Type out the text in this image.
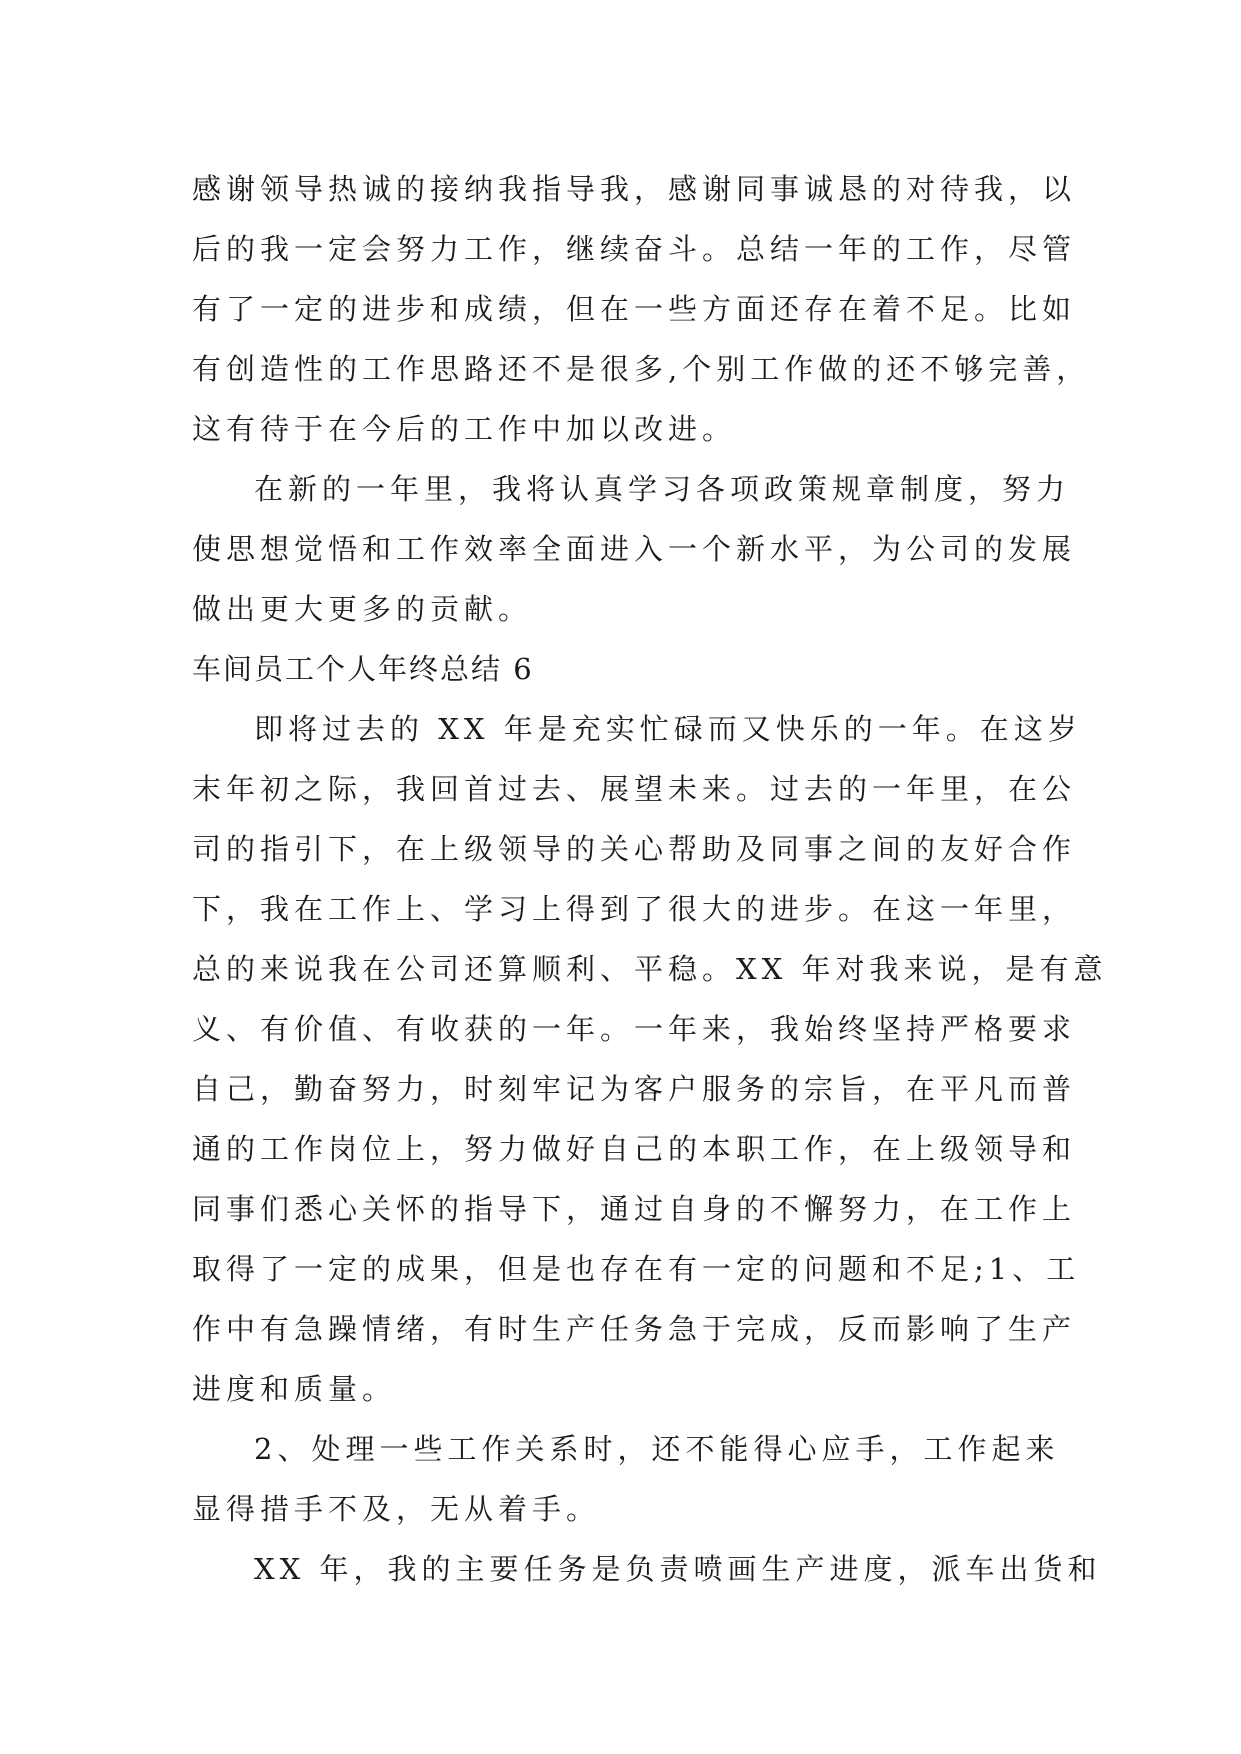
感谢领导热诚的接纳我指导我，感谢同事诚恳的对待我，以
后的我一定会努力工作，继续奋斗。总结一年的工作，尽管
有了一定的进步和成绩，但在一些方面还存在着不足。比如
有创造性的工作思路还不是很多,个别工作做的还不够完善，
这有待于在今后的工作中加以改进。
在新的一年里，我将认真学习各项政策规章制度，努力
使思想觉悟和工作效率全面进入一个新水平，为公司的发展
做出更大更多的贡献。
车间员工个人年终总结 6
即将过去的 XX 年是充实忙碌而又快乐的一年。在这岁
末年初之际，我回首过去、展望未来。过去的一年里，在公
司的指引下，在上级领导的关心帮助及同事之间的友好合作
下，我在工作上、学习上得到了很大的进步。在这一年里，
总的来说我在公司还算顺利、平稳。XX 年对我来说，是有意
义、有价值、有收获的一年。一年来，我始终坚持严格要求
自己，勤奋努力，时刻牢记为客户服务的宗旨，在平凡而普
通的工作岗位上，努力做好自己的本职工作，在上级领导和
同事们悉心关怀的指导下，通过自身的不懈努力，在工作上
取得了一定的成果，但是也存在有一定的问题和不足;1、工
作中有急躁情绪，有时生产任务急于完成，反而影响了生产
进度和质量。
2、处理一些工作关系时，还不能得心应手，工作起来
显得措手不及，无从着手。
XX 年，我的主要任务是负责喷画生产进度，派车出货和
